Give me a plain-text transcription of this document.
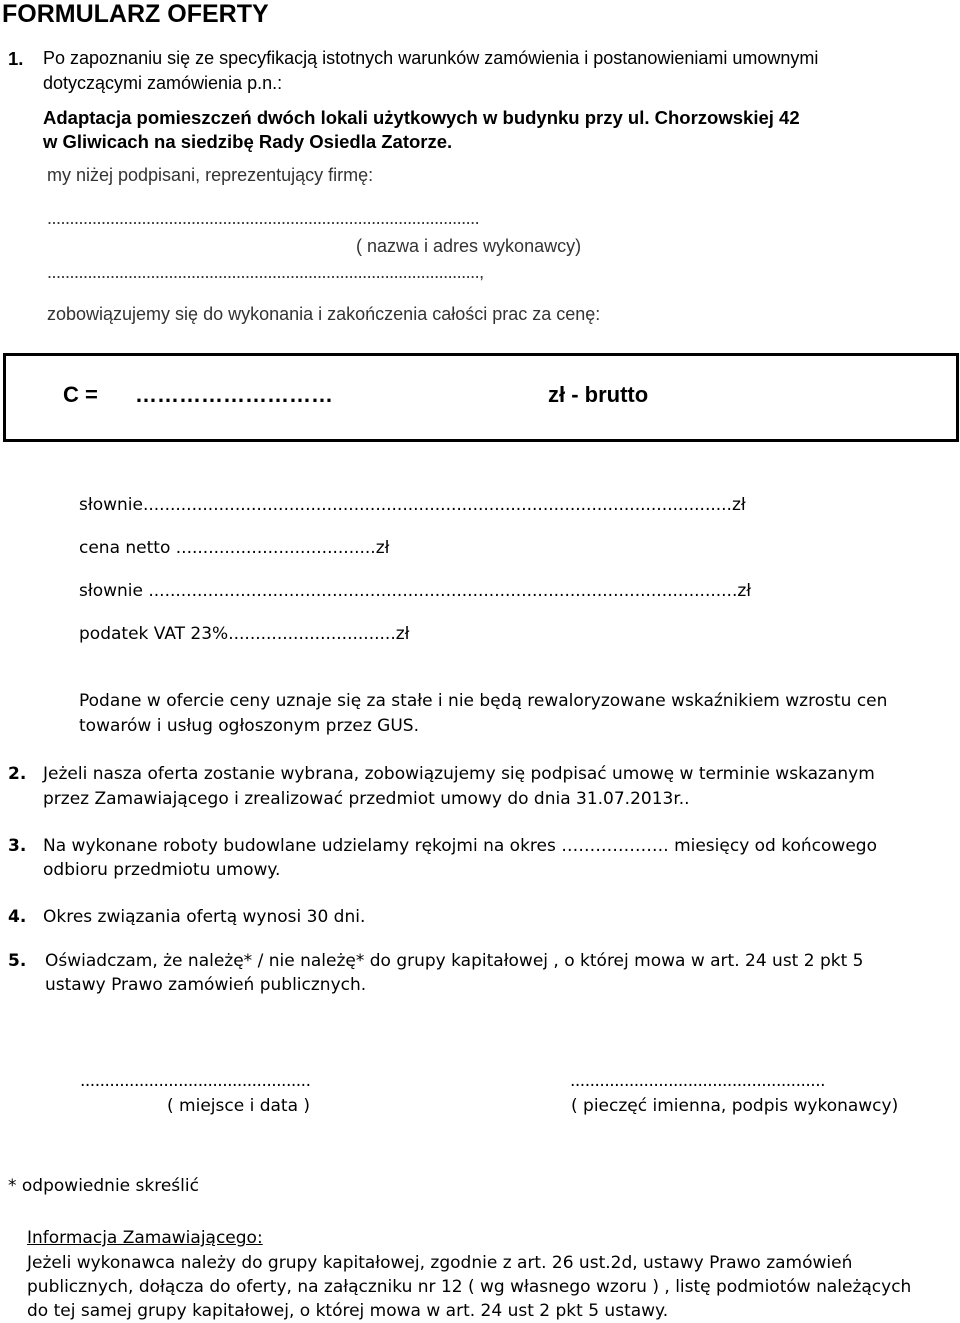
FORMULARZ OFERTY
1. Po zapoznaniu się ze specyfikacją istotnych warunków zamówienia i postanowieniami umownymi
dotyczącymi zamówienia p.n.:
Adaptacja pomieszczeń dwóch lokali użytkowych w budynku przy ul. Chorzowskiej 42
w Gliwicach na siedzibę Rady Osiedla Zatorze.
my niżej podpisani, reprezentujący firmę:
................................................................................................
( nazwa i adres wykonawcy)
................................................................................................,
zobowiązujemy się do wykonania i zakończenia całości prac za cenę:
C = ………………………	zł - brutto
słownie.............................................................................................................zł
cena netto .....................................zł
słownie .............................................................................................................zł
podatek VAT 23%...............................zł
Podane w ofercie ceny uznaje się za stałe i nie będą rewaloryzowane wskaźnikiem wzrostu cen
towarów i usług ogłoszonym przez GUS.
2. Jeżeli nasza oferta zostanie wybrana, zobowiązujemy się podpisać umowę w terminie wskazanym
przez Zamawiającego i zrealizować przedmiot umowy do dnia 31.07.2013r..
3. Na wykonane roboty budowlane udzielamy rękojmi na okres ………………. miesięcy od końcowego
odbioru przedmiotu umowy.
4. Okres związania ofertą wynosi 30 dni.
5. Oświadczam, że należę* / nie należę* do grupy kapitałowej , o której mowa w art. 24 ust 2 pkt 5
ustawy Prawo zamówień publicznych.
...............................................
( miejsce i data )
....................................................
( pieczęć imienna, podpis wykonawcy)
* odpowiednie skreślić
Informacja Zamawiającego:
Jeżeli wykonawca należy do grupy kapitałowej, zgodnie z art. 26 ust.2d, ustawy Prawo zamówień
publicznych, dołącza do oferty, na załączniku nr 12 ( wg własnego wzoru ) , listę podmiotów należących
do tej samej grupy kapitałowej, o której mowa w art. 24 ust 2 pkt 5 ustawy.
